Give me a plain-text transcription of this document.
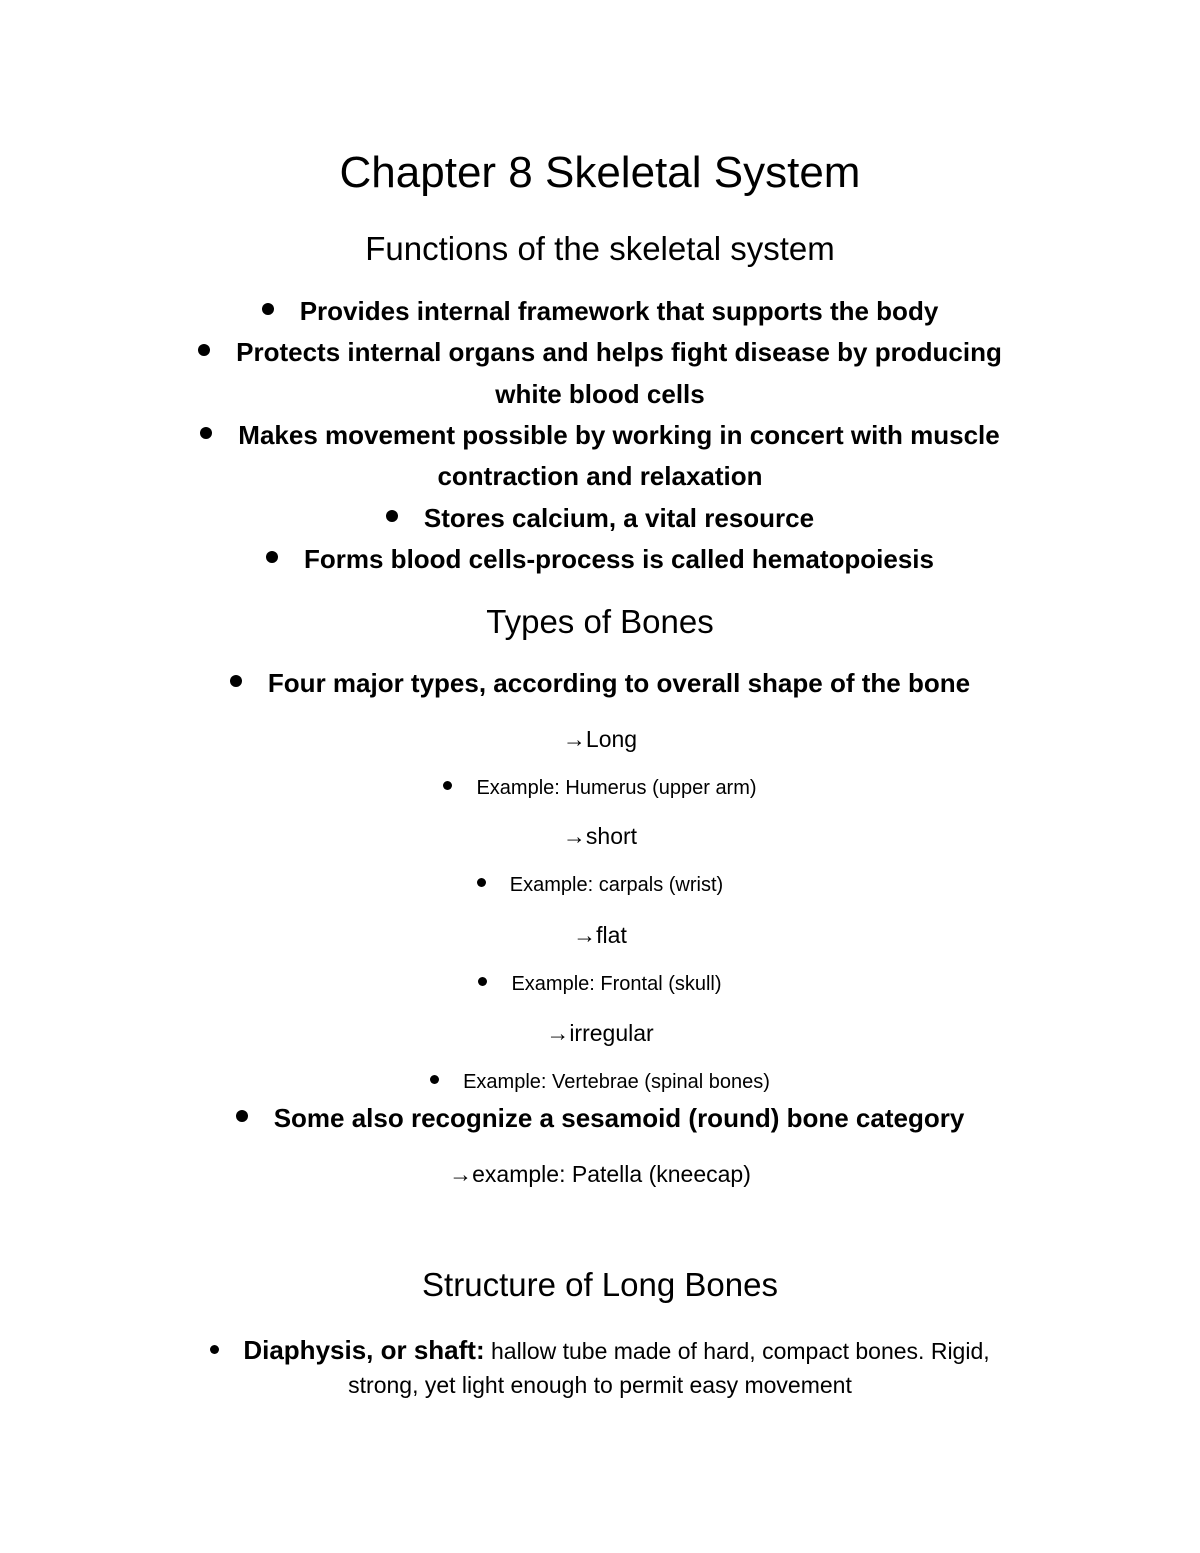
Chapter 8 Skeletal System
Functions of the skeletal system
Provides internal framework that supports the body
Protects internal organs and helps fight disease by producing
white blood cells
Makes movement possible by working in concert with muscle
contraction and relaxation
Stores calcium, a vital resource
Forms blood cells-process is called hematopoiesis
Types of Bones
Four major types, according to overall shape of the bone
→Long
Example: Humerus (upper arm)
→short
Example: carpals (wrist)
→flat
Example: Frontal (skull)
→irregular
Example: Vertebrae (spinal bones)
Some also recognize a sesamoid (round) bone category
→example: Patella (kneecap)
Structure of Long Bones
Diaphysis, or shaft: hallow tube made of hard, compact bones. Rigid,
strong, yet light enough to permit easy movement
